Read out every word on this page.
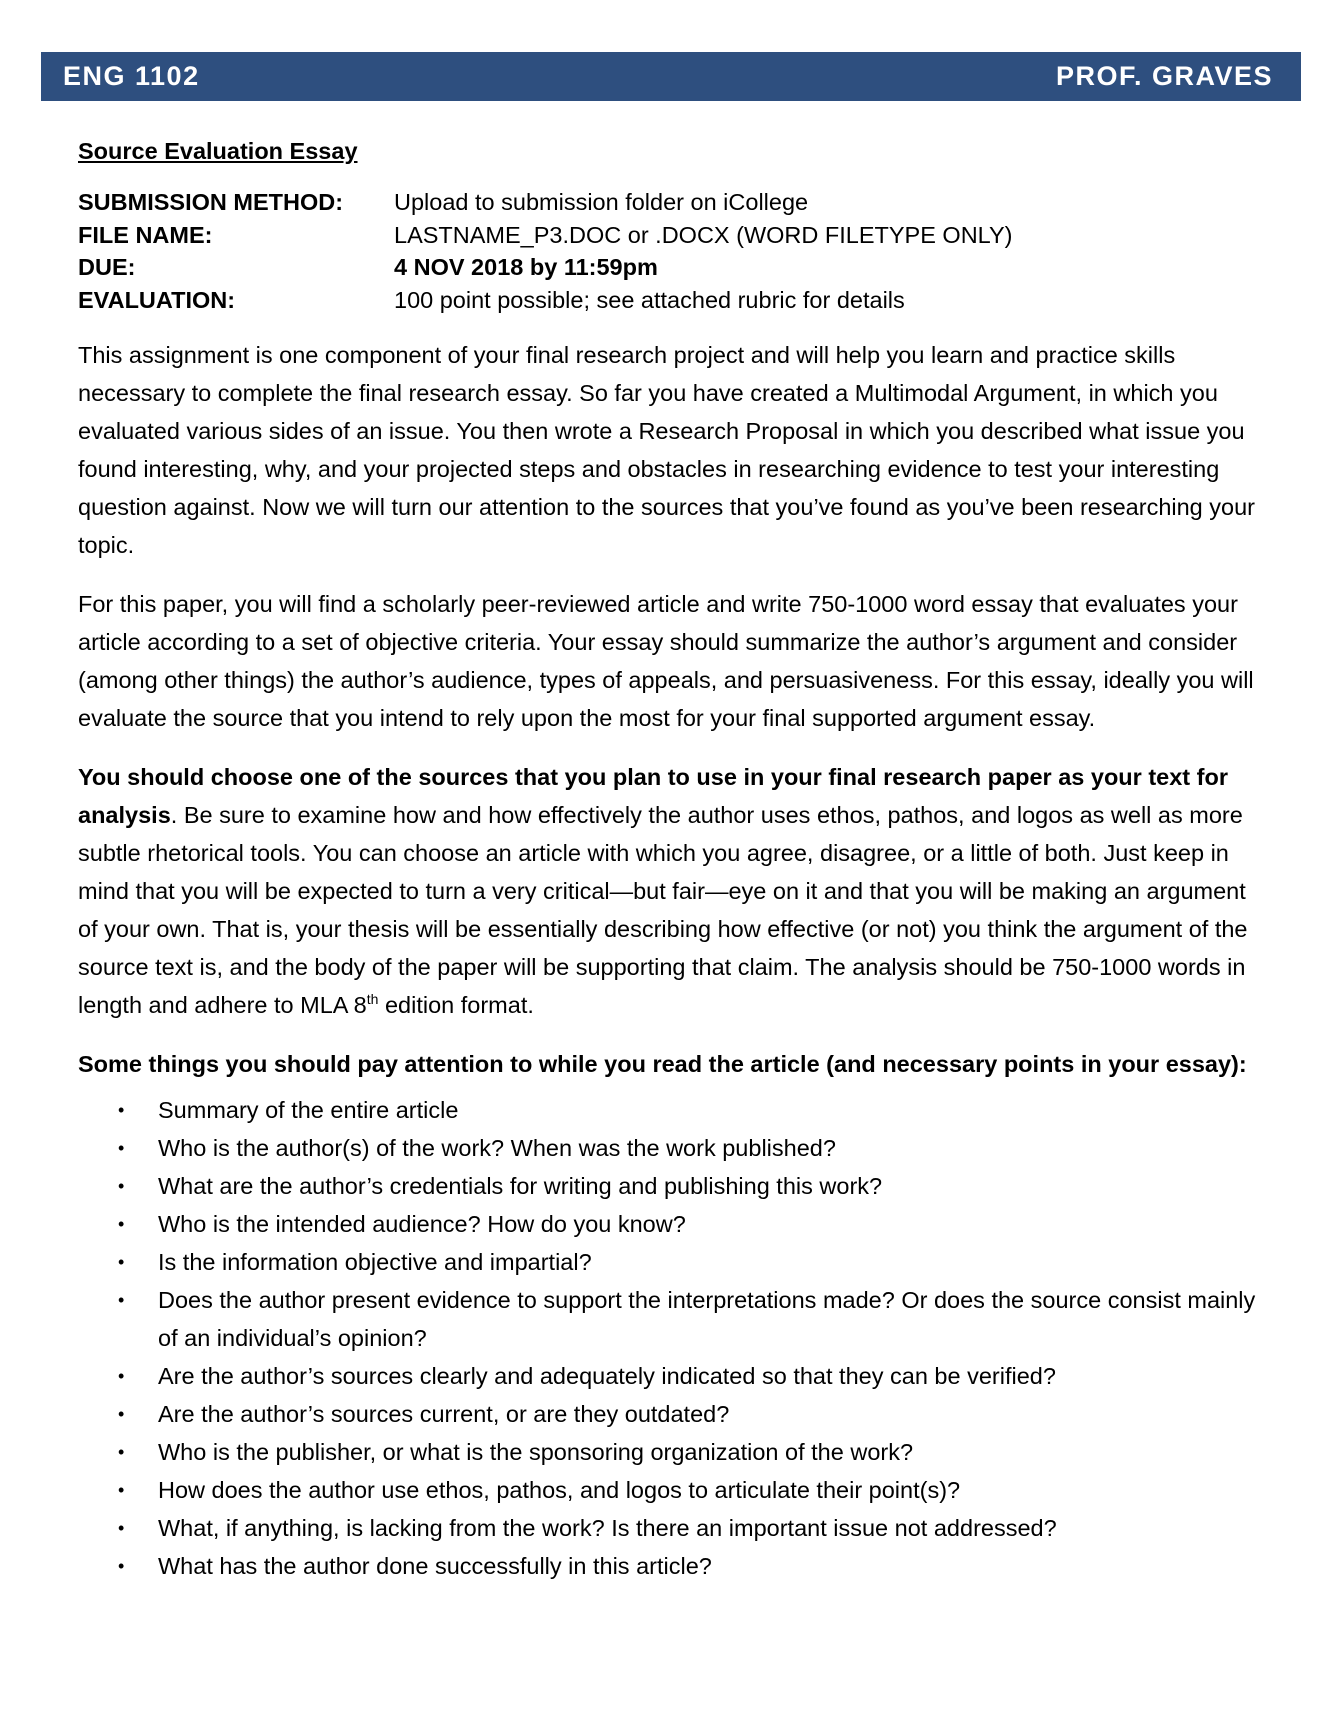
ENG 1102	PROF. GRAVES
Source Evaluation Essay
SUBMISSION METHOD:	Upload to submission folder on iCollege
FILE NAME:	LASTNAME_P3.DOC or .DOCX (WORD FILETYPE ONLY)
DUE:	4 NOV 2018 by 11:59pm
EVALUATION:	100 point possible; see attached rubric for details

This assignment is one component of your final research project and will help you learn and practice skills necessary to complete the final research essay. So far you have created a Multimodal Argument, in which you evaluated various sides of an issue. You then wrote a Research Proposal in which you described what issue you found interesting, why, and your projected steps and obstacles in researching evidence to test your interesting question against. Now we will turn our attention to the sources that you’ve found as you’ve been researching your topic.

For this paper, you will find a scholarly peer-reviewed article and write 750-1000 word essay that evaluates your article according to a set of objective criteria. Your essay should summarize the author’s argument and consider (among other things) the author’s audience, types of appeals, and persuasiveness. For this essay, ideally you will evaluate the source that you intend to rely upon the most for your final supported argument essay.

You should choose one of the sources that you plan to use in your final research paper as your text for analysis. Be sure to examine how and how effectively the author uses ethos, pathos, and logos as well as more subtle rhetorical tools. You can choose an article with which you agree, disagree, or a little of both. Just keep in mind that you will be expected to turn a very critical—but fair—eye on it and that you will be making an argument of your own. That is, your thesis will be essentially describing how effective (or not) you think the argument of the source text is, and the body of the paper will be supporting that claim. The analysis should be 750-1000 words in length and adhere to MLA 8th edition format.

Some things you should pay attention to while you read the article (and necessary points in your essay):
• Summary of the entire article
• Who is the author(s) of the work? When was the work published?
• What are the author’s credentials for writing and publishing this work?
• Who is the intended audience? How do you know?
• Is the information objective and impartial?
• Does the author present evidence to support the interpretations made? Or does the source consist mainly of an individual’s opinion?
• Are the author’s sources clearly and adequately indicated so that they can be verified?
• Are the author’s sources current, or are they outdated?
• Who is the publisher, or what is the sponsoring organization of the work?
• How does the author use ethos, pathos, and logos to articulate their point(s)?
• What, if anything, is lacking from the work? Is there an important issue not addressed?
• What has the author done successfully in this article?
